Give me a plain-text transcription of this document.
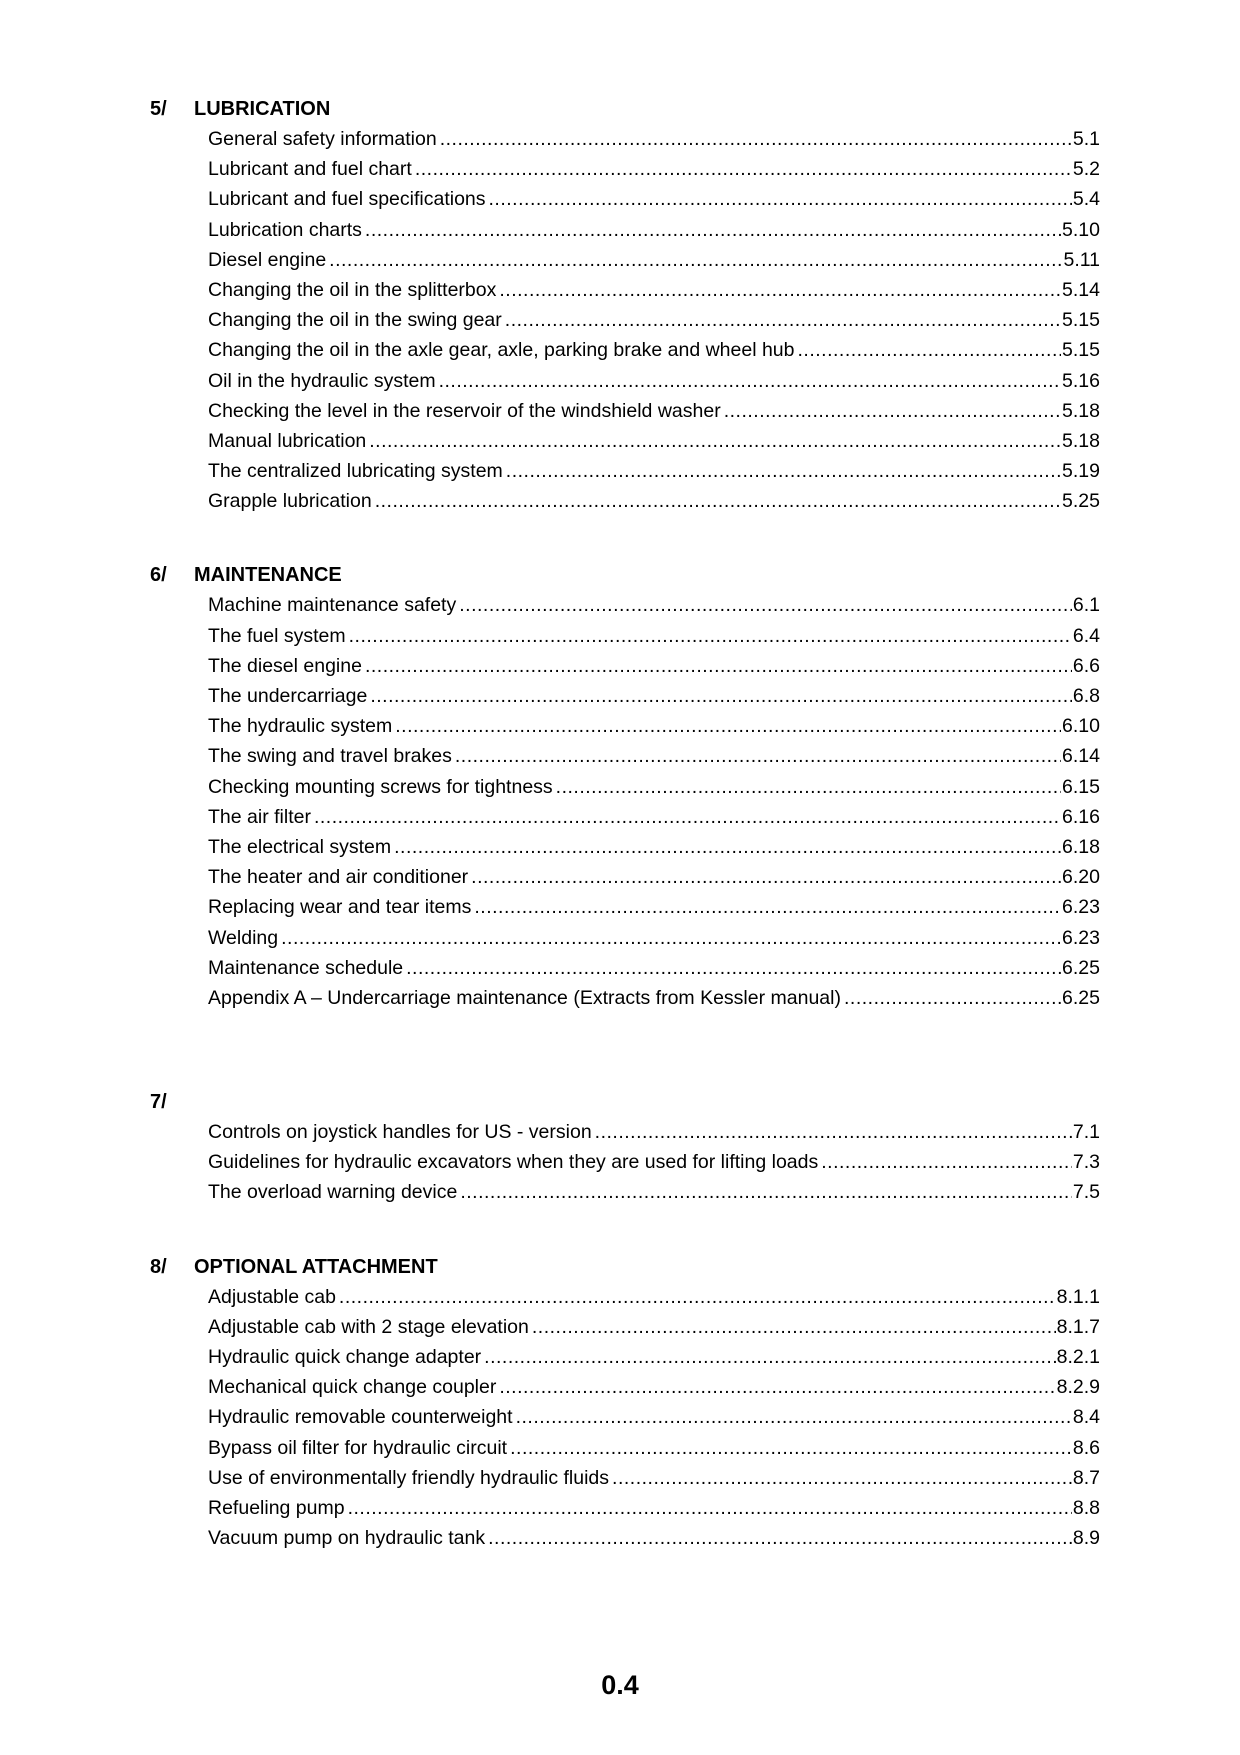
5/	LUBRICATION
General safety information .....	5.1
Lubricant and fuel chart .....	5.2
Lubricant and fuel specifications .....	5.4
Lubrication charts .....	5.10
Diesel engine .....	5.11
Changing the oil in the splitterbox .....	5.14
Changing the oil in the swing gear .....	5.15
Changing the oil in the axle gear, axle, parking brake and wheel hub .....	5.15
Oil in the hydraulic system .....	5.16
Checking the level in the reservoir of the windshield washer .....	5.18
Manual lubrication .....	5.18
The centralized lubricating system .....	5.19
Grapple lubrication .....	5.25
6/	MAINTENANCE
Machine maintenance safety .....	6.1
The fuel system .....	6.4
The diesel engine .....	6.6
The undercarriage .....	6.8
The hydraulic system .....	6.10
The swing and travel brakes .....	6.14
Checking mounting screws for tightness .....	6.15
The air filter .....	6.16
The electrical system .....	6.18
The heater and air conditioner .....	6.20
Replacing wear and tear items .....	6.23
Welding .....	6.23
Maintenance schedule .....	6.25
Appendix A – Undercarriage maintenance (Extracts from Kessler manual) .....	6.25
7/
Controls on joystick handles for US - version .....	7.1
Guidelines for hydraulic excavators when they are used for lifting loads .....	7.3
The overload warning device .....	7.5
8/	OPTIONAL ATTACHMENT
Adjustable cab .....	8.1.1
Adjustable cab with 2 stage elevation .....	8.1.7
Hydraulic quick change adapter .....	8.2.1
Mechanical quick change coupler .....	8.2.9
Hydraulic removable counterweight .....	8.4
Bypass oil filter for hydraulic circuit .....	8.6
Use of environmentally friendly hydraulic fluids .....	8.7
Refueling pump .....	8.8
Vacuum pump on hydraulic tank .....	8.9
0.4
